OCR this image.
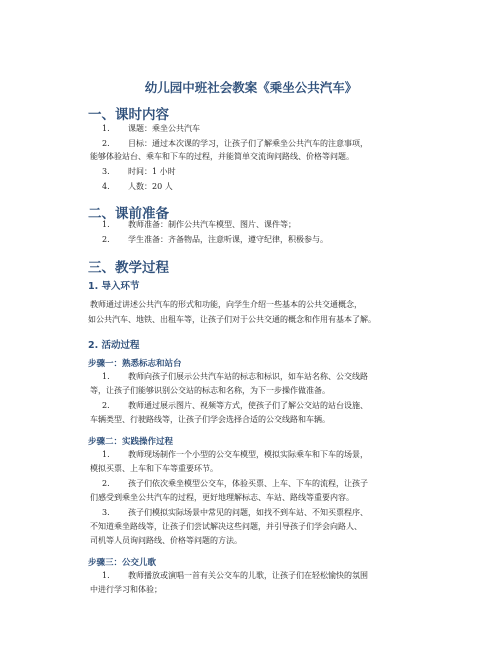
幼儿园中班社会教案《乘坐公共汽车》
一、课时内容
1. 课题：乘坐公共汽车
2. 目标：通过本次课的学习，让孩子们了解乘坐公共汽车的注意事项，
能够体验站台、乘车和下车的过程，并能简单交流询问路线、价格等问题。
3. 时间：1 小时
4. 人数：20 人
二、课前准备
1. 教师准备：制作公共汽车模型、图片、课件等；
2. 学生准备：齐备物品，注意听课，遵守纪律，积极参与。
三、教学过程
1. 导入环节
教师通过讲述公共汽车的形式和功能，向学生介绍一些基本的公共交通概念，
如公共汽车、地铁、出租车等，让孩子们对于公共交通的概念和作用有基本了解。
2. 活动过程
步骤一：熟悉标志和站台
1. 教师向孩子们展示公共汽车站的标志和标识，如车站名称、公交线路
等，让孩子们能够识别公交站的标志和名称，为下一步操作做准备。
2. 教师通过展示图片、视频等方式，使孩子们了解公交站的站台设施、
车辆类型、行驶路线等，让孩子们学会选择合适的公交线路和车辆。
步骤二：实践操作过程
1. 教师现场制作一个小型的公交车模型，模拟实际乘车和下车的场景，
模拟买票、上车和下车等重要环节。
2. 孩子们依次乘坐模型公交车，体验买票、上车、下车的流程，让孩子
们感受到乘坐公共汽车的过程，更好地理解标志、车站、路线等重要内容。
3. 孩子们模拟实际场景中常见的问题，如找不到车站、不知买票程序、
不知道乘坐路线等，让孩子们尝试解决这些问题，并引导孩子们学会向路人、
司机等人员询问路线、价格等问题的方法。
步骤三：公交儿歌
1. 教师播放或演唱一首有关公交车的儿歌，让孩子们在轻松愉快的氛围
中进行学习和体验；
